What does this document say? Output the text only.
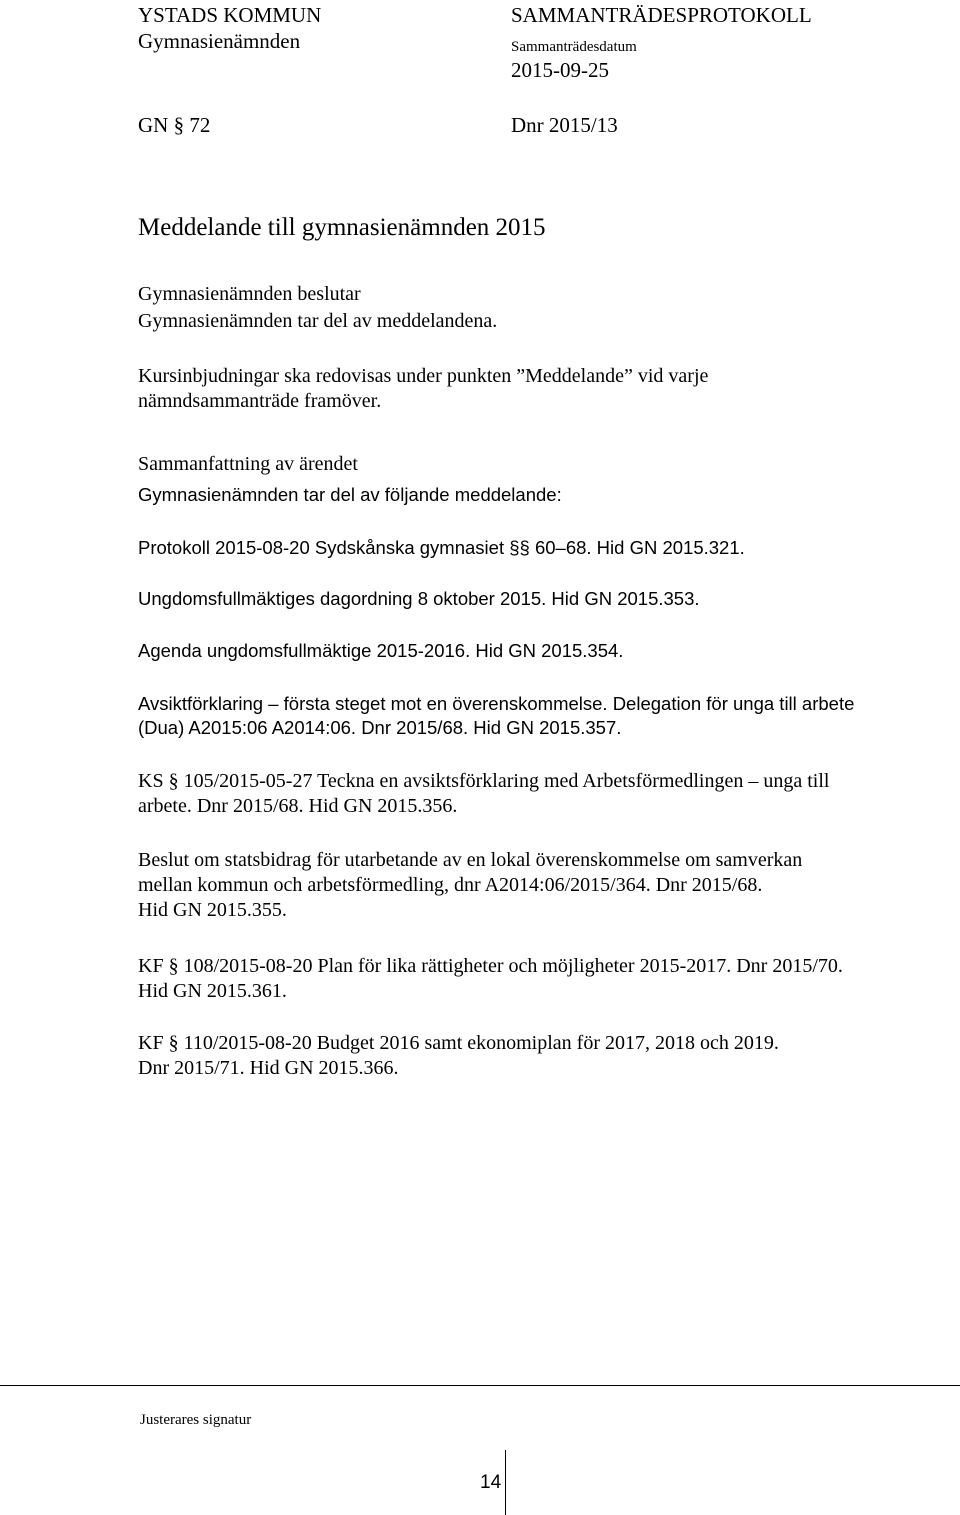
YSTADS KOMMUN	SAMMANTRÄDESPROTOKOLL
Gymnasienämnden	Sammanträdesdatum
2015-09-25
GN § 72	Dnr 2015/13
Meddelande till gymnasienämnden 2015
Gymnasienämnden beslutar

Gymnasienämnden tar del av meddelandena.

Kursinbjudningar ska redovisas under punkten ”Meddelande” vid varje

nämndsammanträde framöver.

Sammanfattning av ärendet
Gymnasienämnden tar del av följande meddelande:

Protokoll 2015-08-20 Sydskånska gymnasiet §§ 60–68. Hid GN 2015.321.

Ungdomsfullmäktiges dagordning 8 oktober 2015. Hid GN 2015.353.

Agenda ungdomsfullmäktige 2015-2016. Hid GN 2015.354.

Avsiktförklaring – första steget mot en överenskommelse. Delegation för unga till arbete

(Dua) A2015:06 A2014:06. Dnr 2015/68. Hid GN 2015.357.

KS § 105/2015-05-27 Teckna en avsiktsförklaring med Arbetsförmedlingen – unga till

arbete. Dnr 2015/68. Hid GN 2015.356.

Beslut om statsbidrag för utarbetande av en lokal överenskommelse om samverkan

mellan kommun och arbetsförmedling, dnr A2014:06/2015/364. Dnr 2015/68.

Hid GN 2015.355.

KF § 108/2015-08-20 Plan för lika rättigheter och möjligheter 2015-2017. Dnr 2015/70.

Hid GN 2015.361.

KF § 110/2015-08-20 Budget 2016 samt ekonomiplan för 2017, 2018 och 2019.

Dnr 2015/71. Hid GN 2015.366.

Justerares signatur
14
